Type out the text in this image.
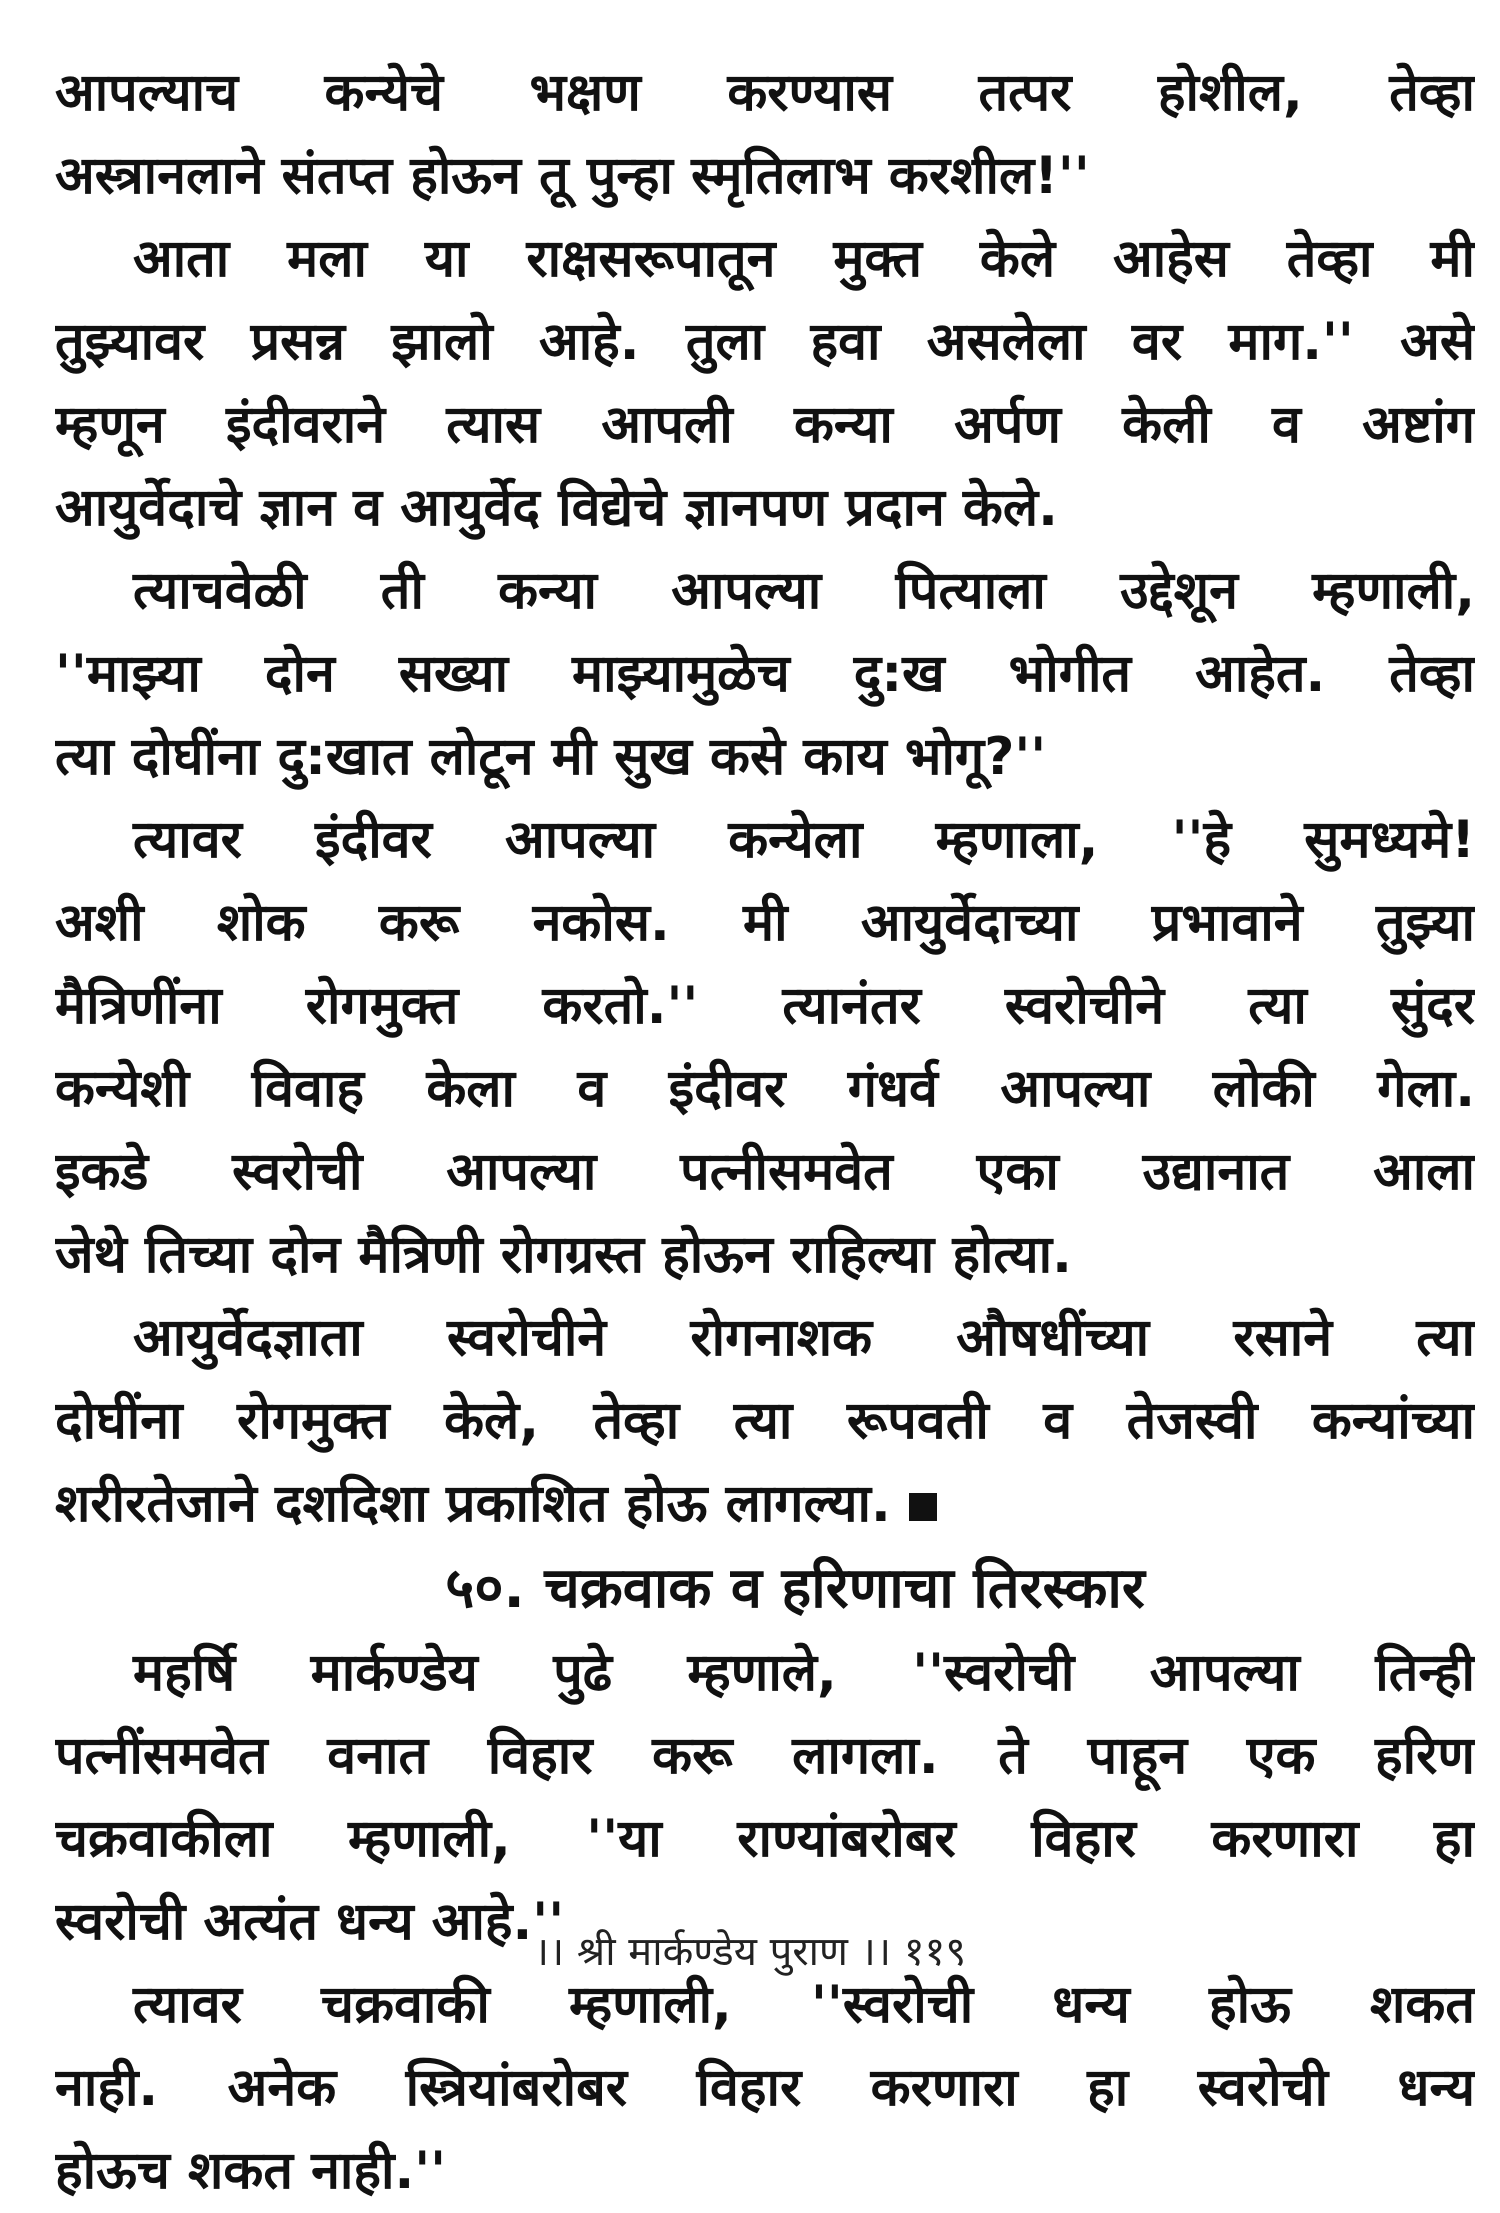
आपल्याच कन्येचे भक्षण करण्यास तत्पर होशील, तेव्हा
अस्त्रानलाने संतप्त होऊन तू पुन्हा स्मृतिलाभ करशील!''
आता मला या राक्षसरूपातून मुक्त केले आहेस तेव्हा मी
तुझ्यावर प्रसन्न झालो आहे. तुला हवा असलेला वर माग.'' असे
म्हणून इंदीवराने त्यास आपली कन्या अर्पण केली व अष्टांग
आयुर्वेदाचे ज्ञान व आयुर्वेद विद्येचे ज्ञानपण प्रदान केले.
त्याचवेळी ती कन्या आपल्या पित्याला उद्देशून म्हणाली,
''माझ्या दोन सख्या माझ्यामुळेच दु:ख भोगीत आहेत. तेव्हा
त्या दोघींना दु:खात लोटून मी सुख कसे काय भोगू?''
त्यावर इंदीवर आपल्या कन्येला म्हणाला, ''हे सुमध्यमे!
अशी शोक करू नकोस. मी आयुर्वेदाच्या प्रभावाने तुझ्या
मैत्रिणींना रोगमुक्त करतो.'' त्यानंतर स्वरोचीने त्या सुंदर
कन्येशी विवाह केला व इंदीवर गंधर्व आपल्या लोकी गेला.
इकडे स्वरोची आपल्या पत्नीसमवेत एका उद्यानात आला
जेथे तिच्या दोन मैत्रिणी रोगग्रस्त होऊन राहिल्या होत्या.
आयुर्वेदज्ञाता स्वरोचीने रोगनाशक औषधींच्या रसाने त्या
दोघींना रोगमुक्त केले, तेव्हा त्या रूपवती व तेजस्वी कन्यांच्या
शरीरतेजाने दशदिशा प्रकाशित होऊ लागल्या.
५०. चक्रवाक व हरिणाचा तिरस्कार
महर्षि मार्कण्डेय पुढे म्हणाले, ''स्वरोची आपल्या तिन्ही
पत्नींसमवेत वनात विहार करू लागला. ते पाहून एक हरिण
चक्रवाकीला म्हणाली, ''या राण्यांबरोबर विहार करणारा हा
स्वरोची अत्यंत धन्य आहे.''
त्यावर चक्रवाकी म्हणाली, ''स्वरोची धन्य होऊ शकत
नाही. अनेक स्त्रियांबरोबर विहार करणारा हा स्वरोची धन्य
होऊच शकत नाही.''
।। श्री मार्कण्डेय पुराण ।। ११९
